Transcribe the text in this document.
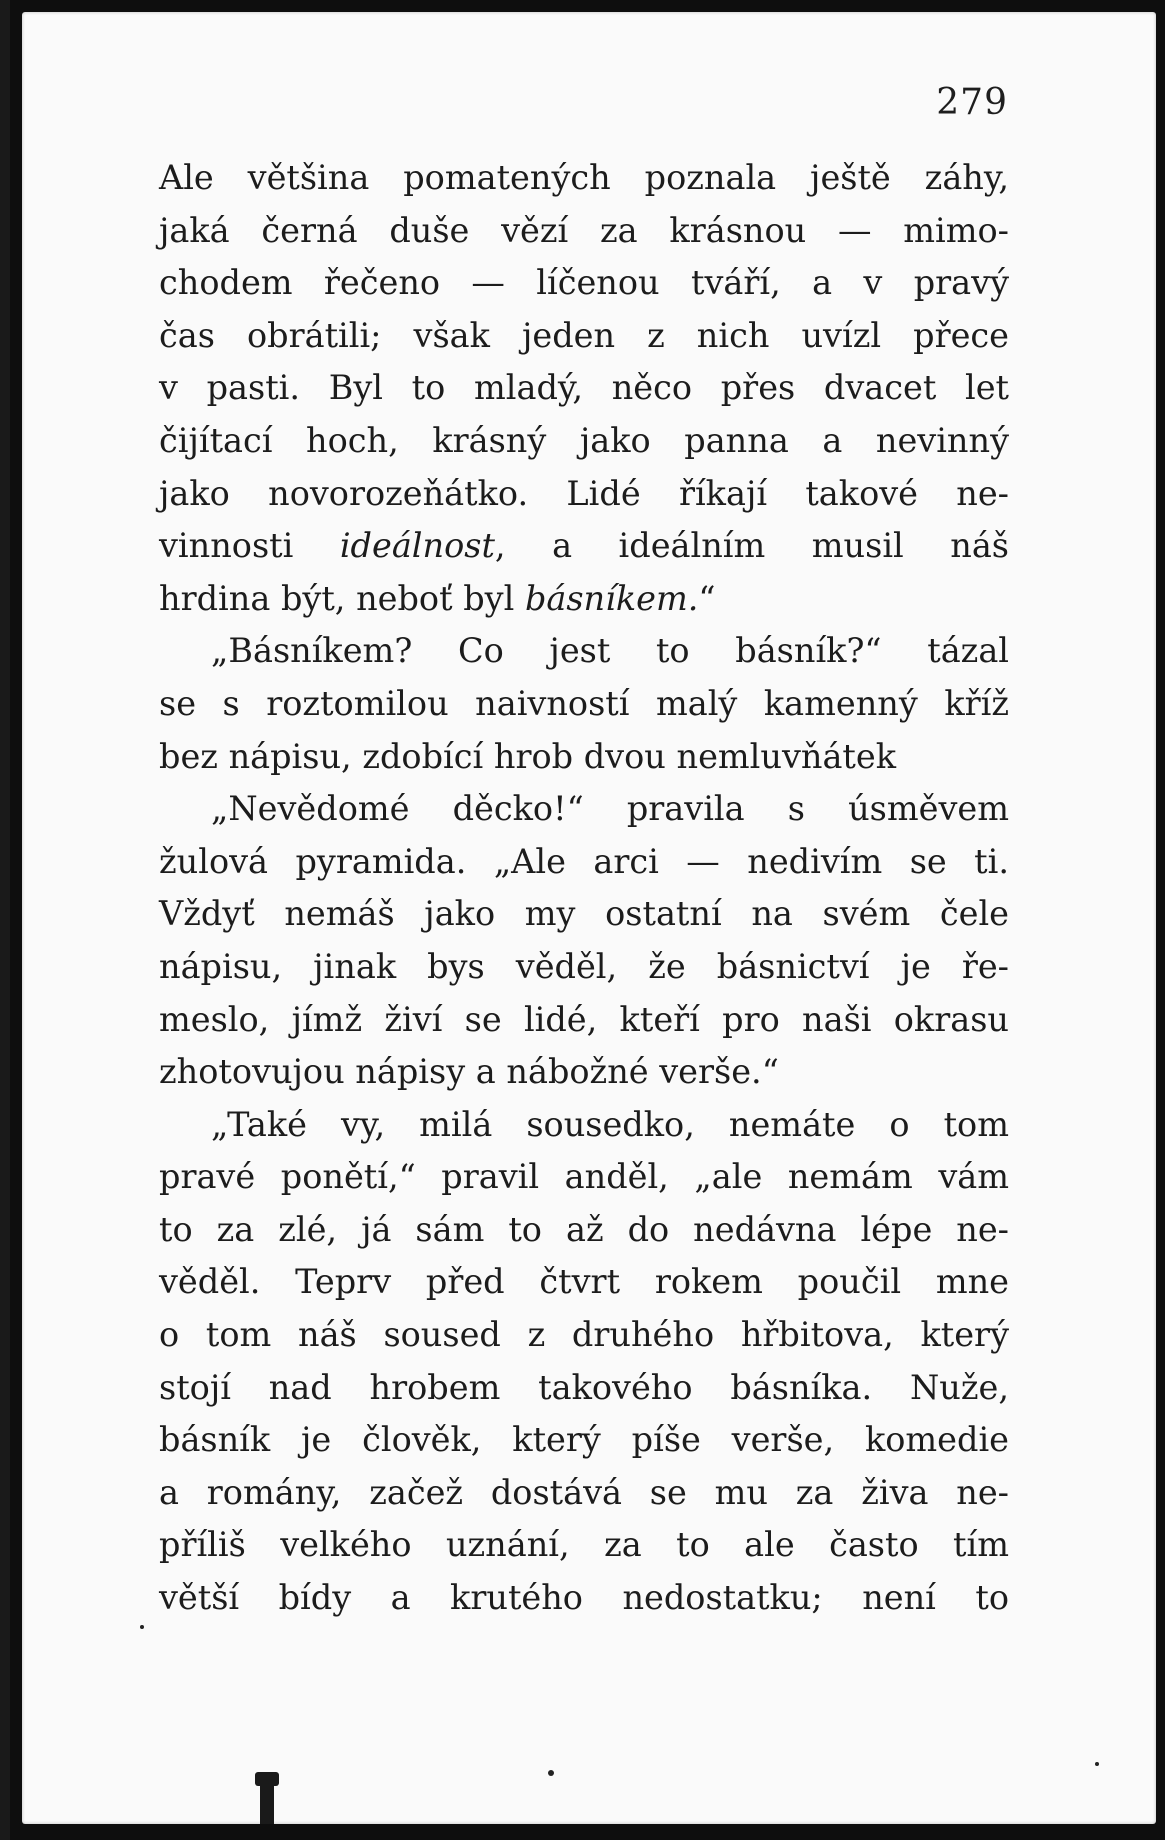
279
Ale většina pomatených poznala ještě záhy,
jaká černá duše vězí za krásnou — mimo-
chodem řečeno — líčenou tváří, a v pravý
čas obrátili; však jeden z nich uvízl přece
v pasti. Byl to mladý, něco přes dvacet let
čijítací hoch, krásný jako panna a nevinný
jako novorozeňátko. Lidé říkají takové ne-
vinnosti ideálnost, a ideálním musil náš
hrdina být, neboť byl básníkem.“
„Básníkem? Co jest to básník?“ tázal
se s roztomilou naivností malý kamenný kříž
bez nápisu, zdobící hrob dvou nemluvňátek
„Nevědomé děcko!“ pravila s úsměvem
žulová pyramida. „Ale arci — nedivím se ti.
Vždyť nemáš jako my ostatní na svém čele
nápisu, jinak bys věděl, že básnictví je ře-
meslo, jímž živí se lidé, kteří pro naši okrasu
zhotovujou nápisy a nábožné verše.“
„Také vy, milá sousedko, nemáte o tom
pravé ponětí,“ pravil anděl, „ale nemám vám
to za zlé, já sám to až do nedávna lépe ne-
věděl. Teprv před čtvrt rokem poučil mne
o tom náš soused z druhého hřbitova, který
stojí nad hrobem takového básníka. Nuže,
básník je člověk, který píše verše, komedie
a romány, začež dostává se mu za živa ne-
příliš velkého uznání, za to ale často tím
větší bídy a krutého nedostatku; není to
